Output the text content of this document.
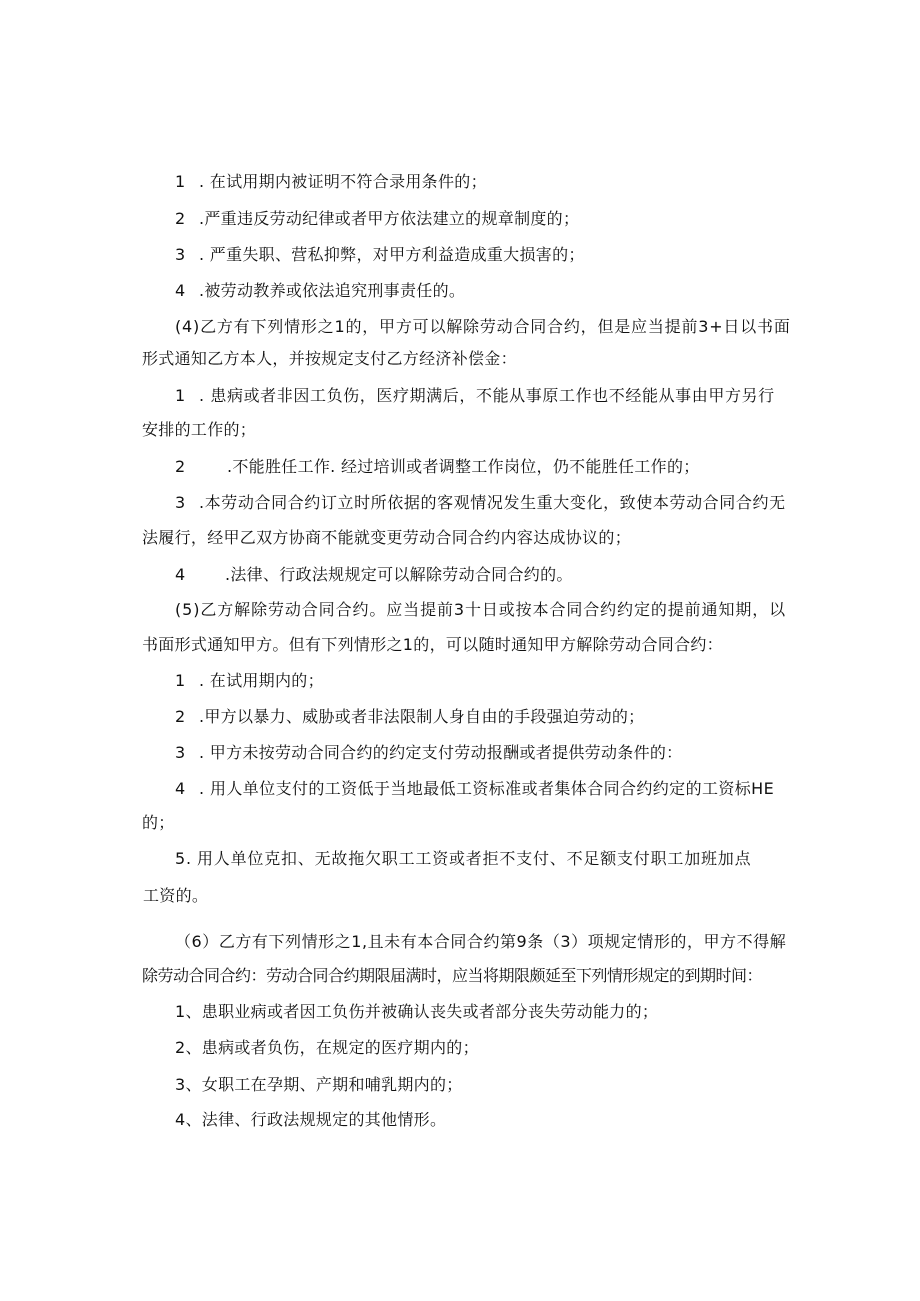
1 . 在试用期内被证明不符合录用条件的；
2 .严重违反劳动纪律或者甲方依法建立的规章制度的；
3 . 严重失职、营私抑弊，对甲方利益造成重大损害的；
4 .被劳动教养或依法追究刑事责任的。
(4)乙方有下列情形之1的，甲方可以解除劳动合同合约，但是应当提前3+日以书面
形式通知乙方本人，并按规定支付乙方经济补偿金：
1 . 患病或者非因工负伤，医疗期满后，不能从事原工作也不经能从事由甲方另行
安排的工作的；
2	.不能胜任工作. 经过培训或者调整工作岗位，仍不能胜任工作的；
3 .本劳动合同合约订立时所依据的客观情况发生重大变化，致使本劳动合同合约无
法履行，经甲乙双方协商不能就变更劳动合同合约内容达成协议的；
4 .法律、行政法规规定可以解除劳动合同合约的。
(5)乙方解除劳动合同合约。应当提前3十日或按本合同合约约定的提前通知期，以
书面形式通知甲方。但有下列情形之1的，可以随时通知甲方解除劳动合同合约：
1 . 在试用期内的；
2 .甲方以暴力、威胁或者非法限制人身自由的手段强迫劳动的；
3 . 甲方未按劳动合同合约的约定支付劳动报酬或者提供劳动条件的：
4 . 用人单位支付的工资低于当地最低工资标准或者集体合同合约约定的工资标HE
的；
5. 用人单位克扣、无故拖欠职工工资或者拒不支付、不足额支付职工加班加点
工资的。
（6）乙方有下列情形之1,且未有本合同合约第9条（3）项规定情形的，甲方不得解
除劳动合同合约：劳动合同合约期限届满时，应当将期限颇延至下列情形规定的到期时间：
1、患职业病或者因工负伤并被确认丧失或者部分丧失劳动能力的；
2、患病或者负伤，在规定的医疗期内的；
3、女职工在孕期、产期和哺乳期内的；
4、法律、行政法规规定的其他情形。
